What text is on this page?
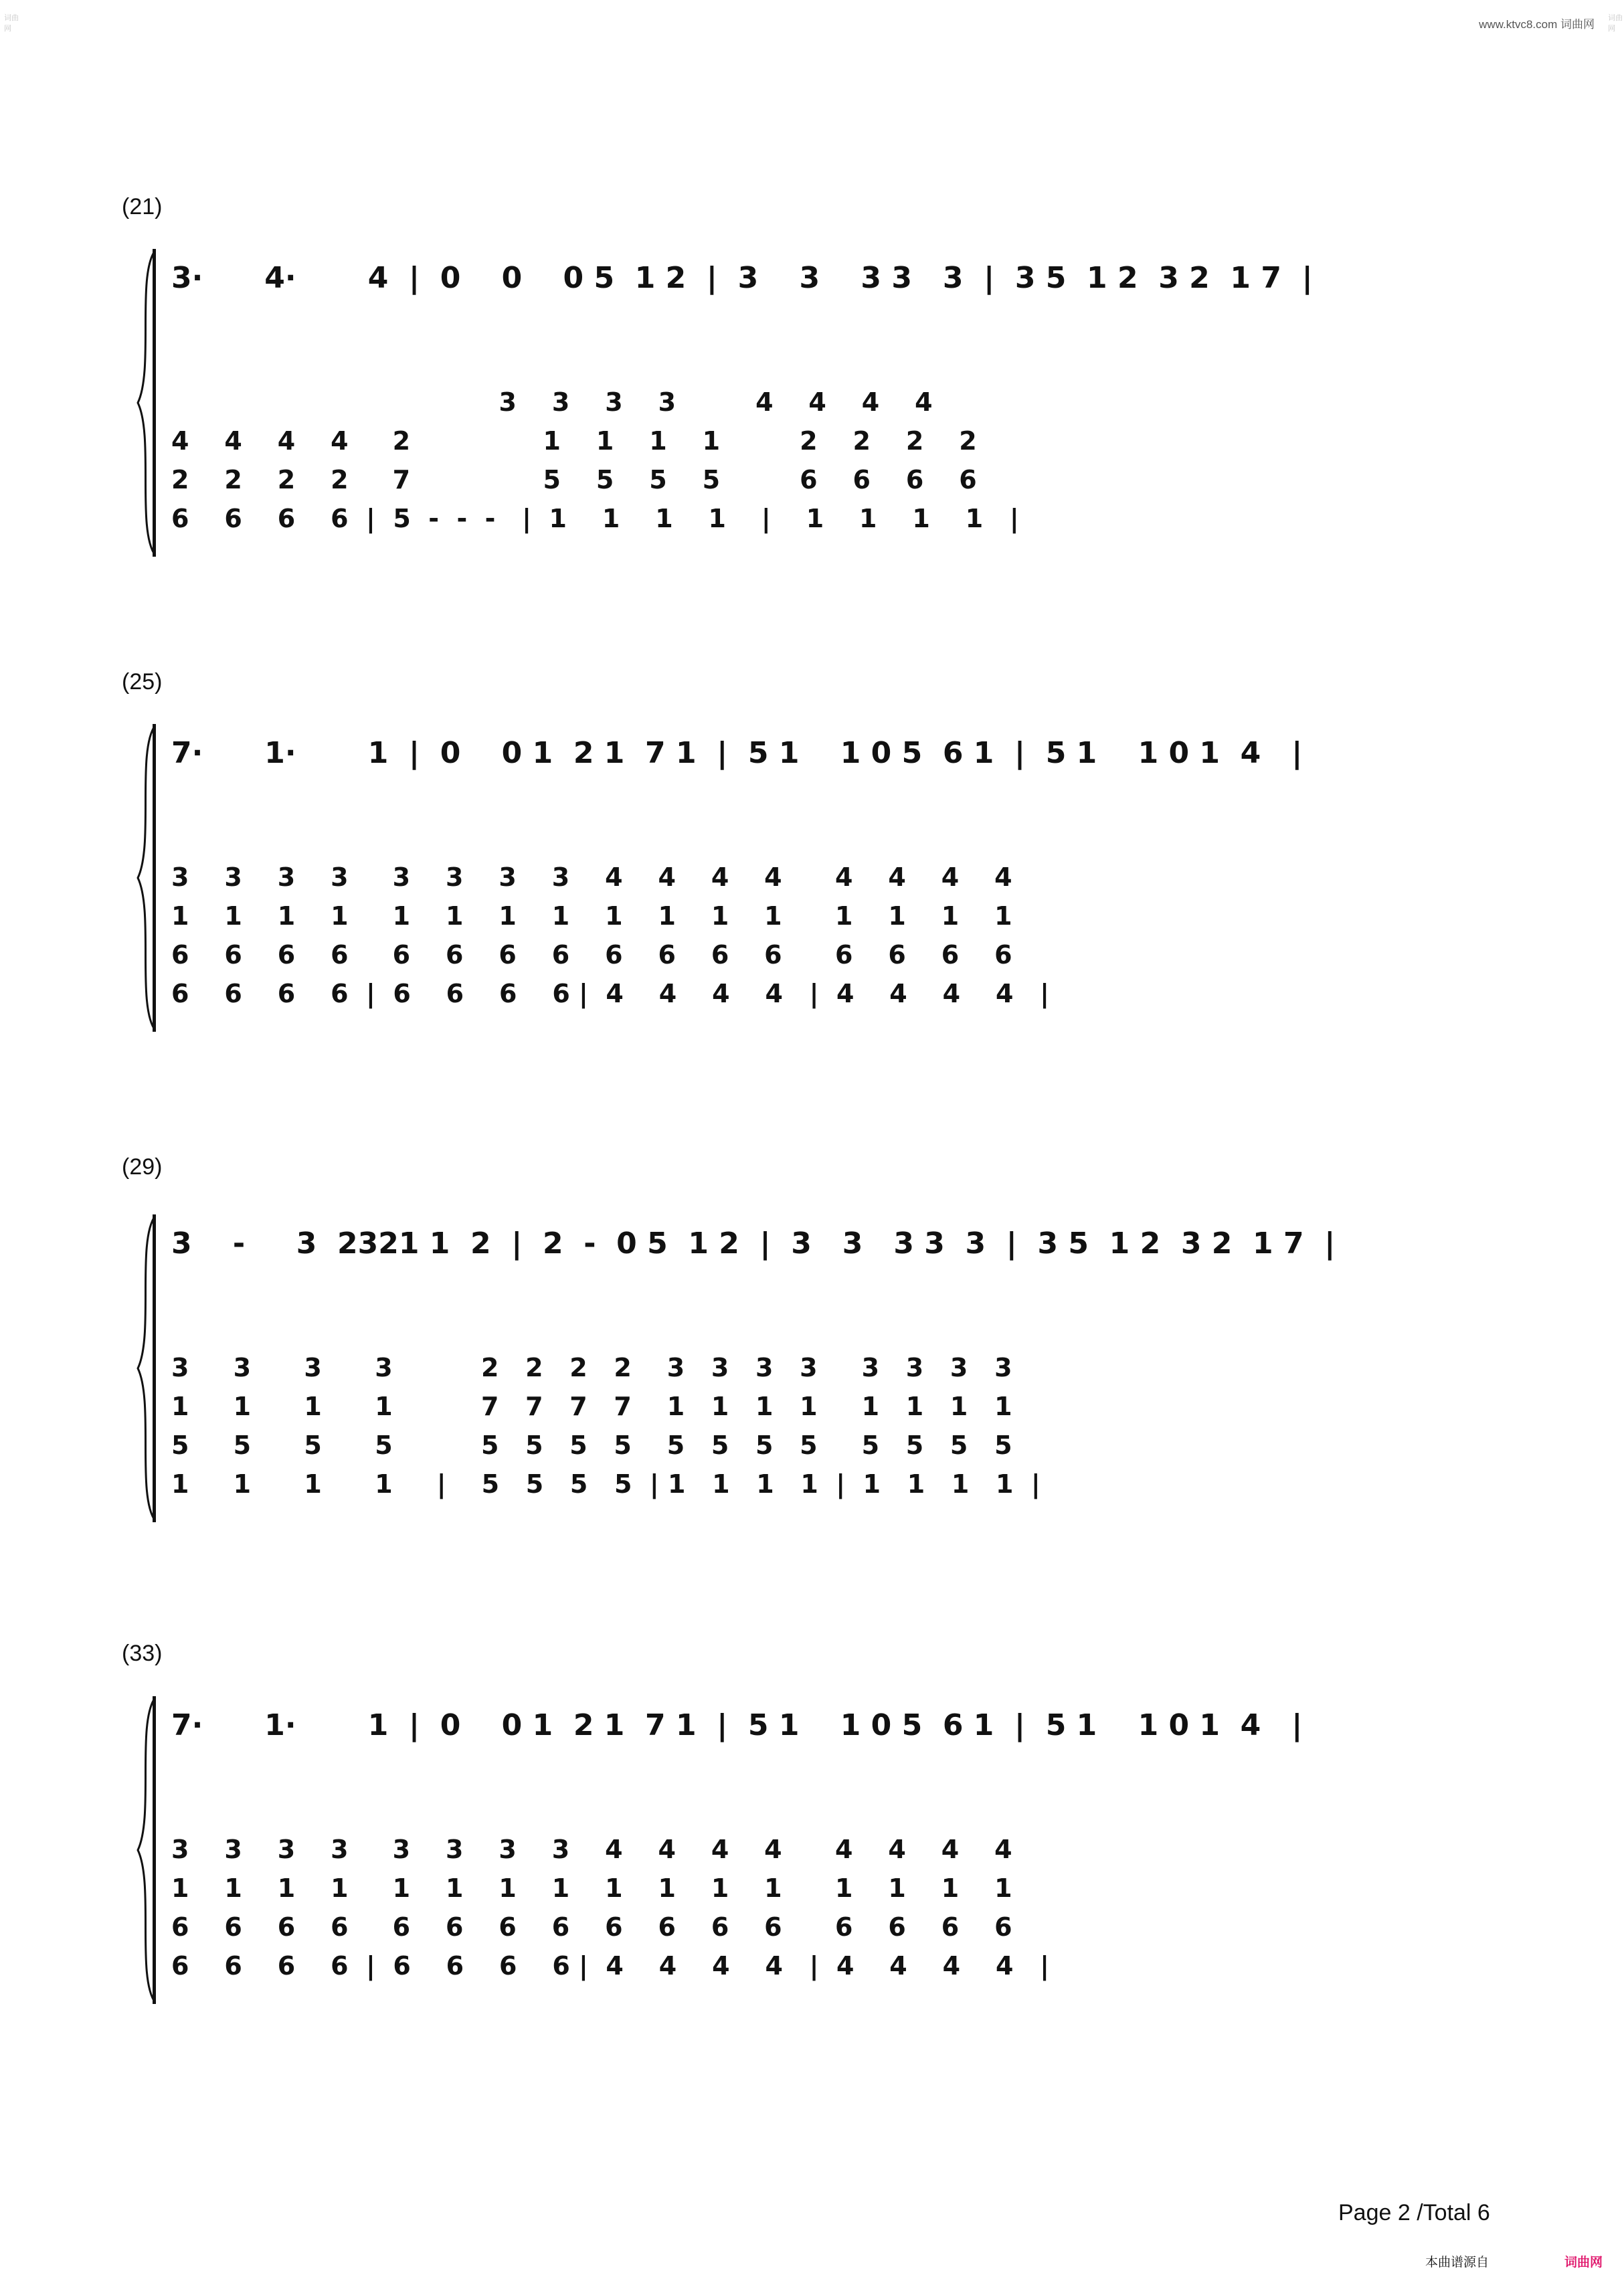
词曲网
词曲网
www.ktvc8.com 词曲网
(21)
3·      4·       4  |  0    0    0 5  1 2  |  3    3    3 3   3  |  3 5  1 2  3 2  1 7  |
3    3    3    3         4    4    4    4
4    4    4    4     2               1    1    1    1         2    2    2    2
2    2    2    2     7               5    5    5    5         6    6    6    6
6    6    6    6  |  5  -  -  -   |  1    1    1    1    |    1    1    1    1   |
(25)
7·      1·       1  |  0    0 1  2 1  7 1  |  5 1    1 0 5  6 1  |  5 1    1 0 1  4   |
3    3    3    3     3    3    3    3    4    4    4    4      4    4    4    4
1    1    1    1     1    1    1    1    1    1    1    1      1    1    1    1
6    6    6    6     6    6    6    6    6    6    6    6      6    6    6    6
6    6    6    6  |  6    6    6    6 |  4    4    4    4   |  4    4    4    4   |
(29)
3    -     3  2321 1  2  |  2  -  0 5  1 2  |  3   3   3 3  3  |  3 5  1 2  3 2  1 7  |
3     3      3      3          2   2   2   2    3   3   3   3     3   3   3   3
1     1      1      1          7   7   7   7    1   1   1   1     1   1   1   1
5     5      5      5          5   5   5   5    5   5   5   5     5   5   5   5
1     1      1      1     |    5   5   5   5  | 1   1   1   1  |  1   1   1   1  |
(33)
7·      1·       1  |  0    0 1  2 1  7 1  |  5 1    1 0 5  6 1  |  5 1    1 0 1  4   |
3    3    3    3     3    3    3    3    4    4    4    4      4    4    4    4
1    1    1    1     1    1    1    1    1    1    1    1      1    1    1    1
6    6    6    6     6    6    6    6    6    6    6    6      6    6    6    6
6    6    6    6  |  6    6    6    6 |  4    4    4    4   |  4    4    4    4   |
Page 2 /Total 6
本曲谱源自	词曲网
